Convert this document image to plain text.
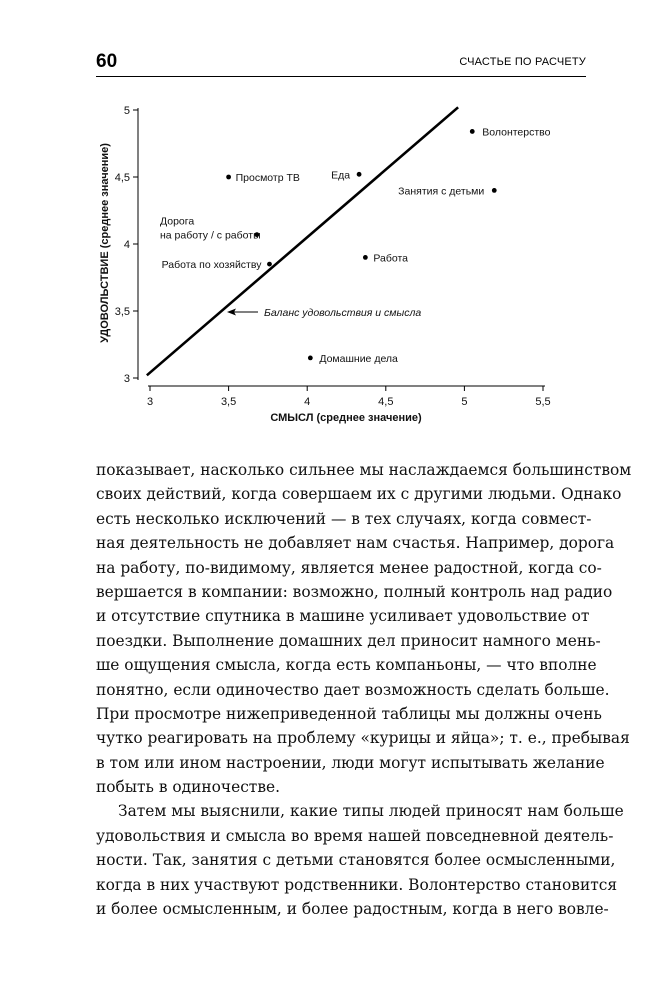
60	СЧАСТЬЕ ПО РАСЧЕТУ
3	3,5	4	4,5	5	5,5
3
3,5
4
4,5
5
Баланс удовольствия и смысла
Волонтерство
Просмотр ТВ	Еда
Занятия с детьми
Дорога
на работу / с работы
Работа по хозяйству
Работа
Домашние дела
СМЫСЛ (среднее значение)
УДОВОЛЬСТВИЕ (среднее значение)
показывает, насколько сильнее мы наслаждаемся большинством
своих действий, когда совершаем их с другими людьми. Однако
есть несколько исключений — в тех случаях, когда совмест-
ная деятельность не добавляет нам счастья. Например, дорога
на работу, по-видимому, является менее радостной, когда со-
вершается в компании: возможно, полный контроль над радио
и отсутствие спутника в машине усиливает удовольствие от
поездки. Выполнение домашних дел приносит намного мень-
ше ощущения смысла, когда есть компаньоны, — что вполне
понятно, если одиночество дает возможность сделать больше.
При просмотре нижеприведенной таблицы мы должны очень
чутко реагировать на проблему «курицы и яйца»; т. е., пребывая
в том или ином настроении, люди могут испытывать желание
побыть в одиночестве.
Затем мы выяснили, какие типы людей приносят нам больше
удовольствия и смысла во время нашей повседневной деятель-
ности. Так, занятия с детьми становятся более осмысленными,
когда в них участвуют родственники. Волонтерство становится
и более осмысленным, и более радостным, когда в него вовле-
